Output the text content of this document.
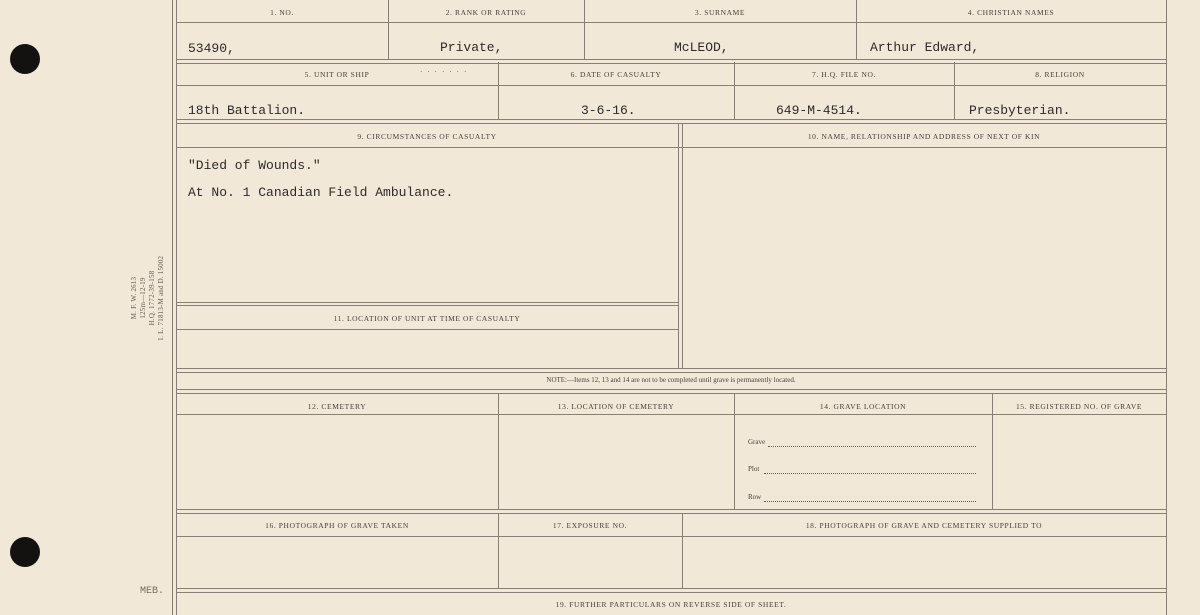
M. F. W. 2613 125m—12-19 H.Q. 1772-39-158 I. L. 71813-M and D. 15002
MEB.
1. NO.	2. RANK OR RATING	3. SURNAME	4. CHRISTIAN NAMES
53490,	Private,	McLEOD,	Arthur Edward,
5. UNIT OR SHIP	·······	6. DATE OF CASUALTY	7. H.Q. FILE NO.	8. RELIGION
18th Battalion.	3-6-16.	649-M-4514.	Presbyterian.
9. CIRCUMSTANCES OF CASUALTY	10. NAME, RELATIONSHIP AND ADDRESS OF NEXT OF KIN
"Died of Wounds."
At No. 1 Canadian Field Ambulance.
11. LOCATION OF UNIT AT TIME OF CASUALTY
NOTE:—Items 12, 13 and 14 are not to be completed until grave is permanently located.
12. CEMETERY	13. LOCATION OF CEMETERY	14. GRAVE LOCATION	15. REGISTERED NO. OF GRAVE
Grave
Plot
Row
16. PHOTOGRAPH OF GRAVE TAKEN	17. EXPOSURE NO.	18. PHOTOGRAPH OF GRAVE AND CEMETERY SUPPLIED TO
19. FURTHER PARTICULARS ON REVERSE SIDE OF SHEET.
